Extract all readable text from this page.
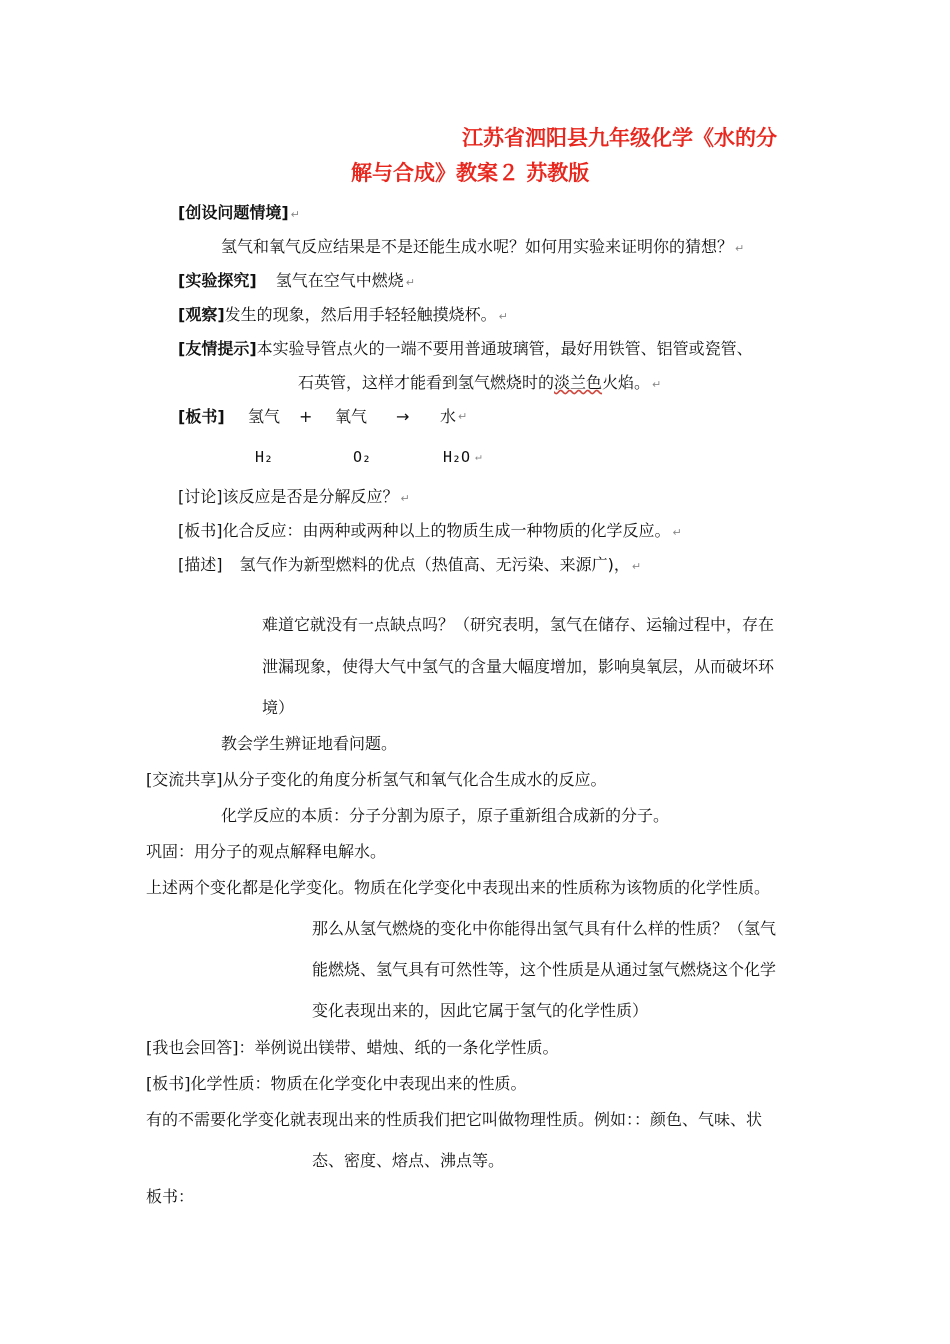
江苏省泗阳县九年级化学《水的分
解与合成》教案２ 苏教版
[创设问题情境] ↵
氢气和氧气反应结果是不是还能生成水呢？如何用实验来证明你的猜想？ ↵
[实验探究] 氢气在空气中燃烧 ↵
[观察]发生的现象，然后用手轻轻触摸烧杯。 ↵
[友情提示]本实验导管点火的一端不要用普通玻璃管，最好用铁管、铝管或瓷管、
石英管，这样才能看到氢气燃烧时的淡兰色火焰。 ↵
[板书] 氢气 + 氧气 → 水 ↵
H₂	O₂	H₂O ↵
[讨论]该反应是否是分解反应？ ↵
[板书]化合反应：由两种或两种以上的物质生成一种物质的化学反应。 ↵
[描述] 氢气作为新型燃料的优点（热值高、无污染、来源广)， ↵
难道它就没有一点缺点吗？（研究表明，氢气在储存、运输过程中，存在
泄漏现象，使得大气中氢气的含量大幅度增加，影响臭氧层，从而破坏环
境）
教会学生辨证地看问题。
[交流共享]从分子变化的角度分析氢气和氧气化合生成水的反应。
化学反应的本质：分子分割为原子，原子重新组合成新的分子。
巩固：用分子的观点解释电解水。
上述两个变化都是化学变化。物质在化学变化中表现出来的性质称为该物质的化学性质。
那么从氢气燃烧的变化中你能得出氢气具有什么样的性质？（氢气
能燃烧、氢气具有可然性等，这个性质是从通过氢气燃烧这个化学
变化表现出来的，因此它属于氢气的化学性质）
[我也会回答]：举例说出镁带、蜡烛、纸的一条化学性质。
[板书]化学性质：物质在化学变化中表现出来的性质。
有的不需要化学变化就表现出来的性质我们把它叫做物理性质。例如：：颜色、气味、状
态、密度、熔点、沸点等。
板书：
